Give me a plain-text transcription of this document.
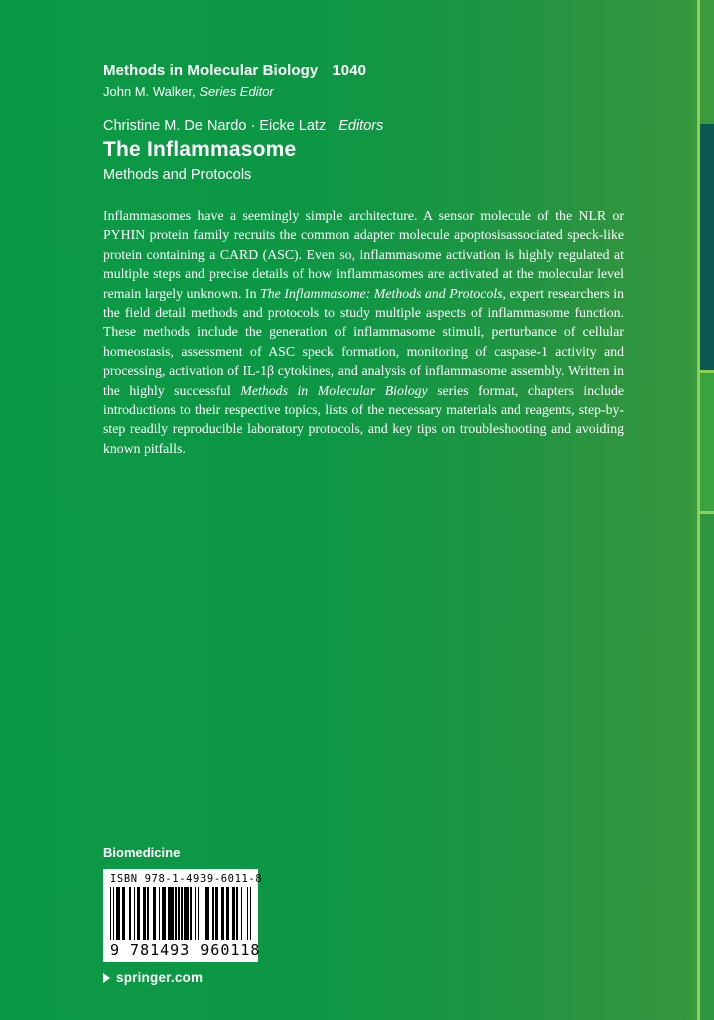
Methods in Molecular Biology 1040
John M. Walker, Series Editor
Christine M. De Nardo · Eicke Latz Editors
The Inflammasome
Methods and Protocols
Inflammasomes have a seemingly simple architecture. A sensor molecule of the NLR or PYHIN protein family recruits the common adapter molecule apoptosisassociated speck-like protein containing a CARD (ASC). Even so, inflammasome activation is highly regulated at multiple steps and precise details of how inflammasomes are activated at the molecular level remain largely unknown. In The Inflammasome: Methods and Protocols, expert researchers in the field detail methods and protocols to study multiple aspects of inflammasome function. These methods include the generation of inflammasome stimuli, perturbance of cellular homeostasis, assessment of ASC speck formation, monitoring of caspase-1 activity and processing, activation of IL-1β cytokines, and analysis of inflammasome assembly. Written in the highly successful Methods in Molecular Biology series format, chapters include introductions to their respective topics, lists of the necessary materials and reagents, step-by-step readily reproducible laboratory protocols, and key tips on troubleshooting and avoiding known pitfalls.
Biomedicine
ISBN 978-1-4939-6011-8
9 781493 960118
springer.com
